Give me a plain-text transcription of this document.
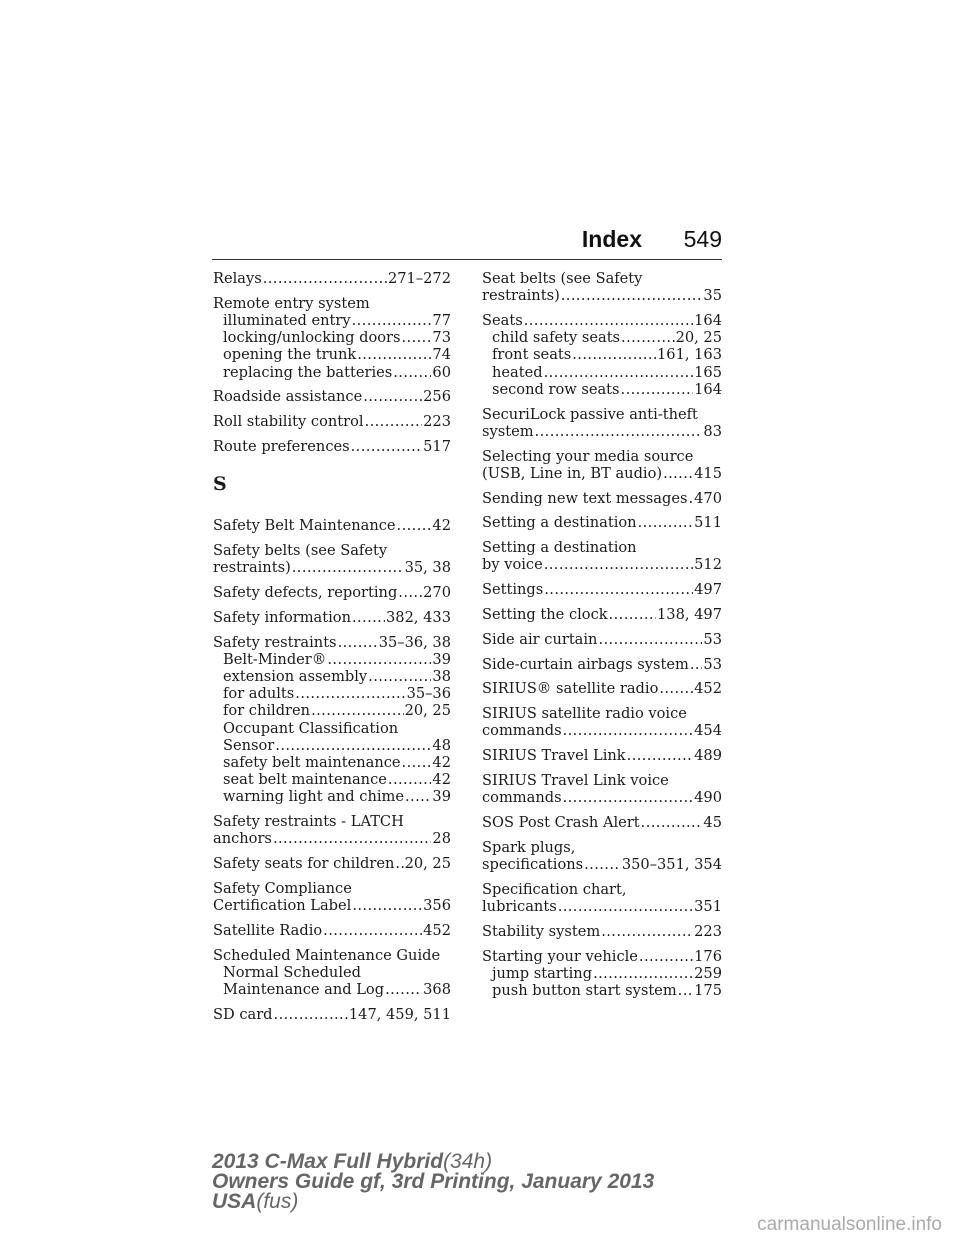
Index 549
Relays .....	271–272
Remote entry system
illuminated entry .....	77
locking/unlocking doors ..... 73
opening the trunk .....	74
replacing the batteries .....	60
Roadside assistance .....	256
Roll stability control .....	223
Route preferences .....	517
S
Safety Belt Maintenance .....	42
Safety belts (see Safety
restraints) .....	35, 38
Safety defects, reporting ..... 270
Safety information ..... 382, 433
Safety restraints .....	35–36, 38
Belt-Minder® .....	39
extension assembly .....	38
for adults .....	35–36
for children .....	20, 25
Occupant Classification
Sensor .....	48
safety belt maintenance ..... 42
seat belt maintenance .....	42
warning light and chime ..... 39
Safety restraints - LATCH
anchors .....	28
Safety seats for children ..... 20, 25
Safety Compliance
Certification Label .....	356
Satellite Radio .....	452
Scheduled Maintenance Guide
Normal Scheduled
Maintenance and Log .....	368
SD card .....	147, 459, 511
Seat belts (see Safety
restraints) .....	35
Seats .....	164
child safety seats .....	20, 25
front seats .....	161, 163
heated .....	165
second row seats .....	164
SecuriLock passive anti-theft
system .....	83
Selecting your media source
(USB, Line in, BT audio) ..... 415
Sending new text messages ..... 470
Setting a destination .....	511
Setting a destination
by voice .....	512
Settings .....	497
Setting the clock .....	138, 497
Side air curtain .....	53
Side-curtain airbags system ..... 53
SIRIUS® satellite radio ..... 452
SIRIUS satellite radio voice
commands .....	454
SIRIUS Travel Link .....	489
SIRIUS Travel Link voice
commands .....	490
SOS Post Crash Alert .....	45
Spark plugs,
specifications .....	350–351, 354
Specification chart,
lubricants .....	351
Stability system .....	223
Starting your vehicle .....	176
jump starting .....	259
push button start system ..... 175
2013 C-Max Full Hybrid(34h)
Owners Guide gf, 3rd Printing, January 2013
USA(fus)
carmanualsonline.info
